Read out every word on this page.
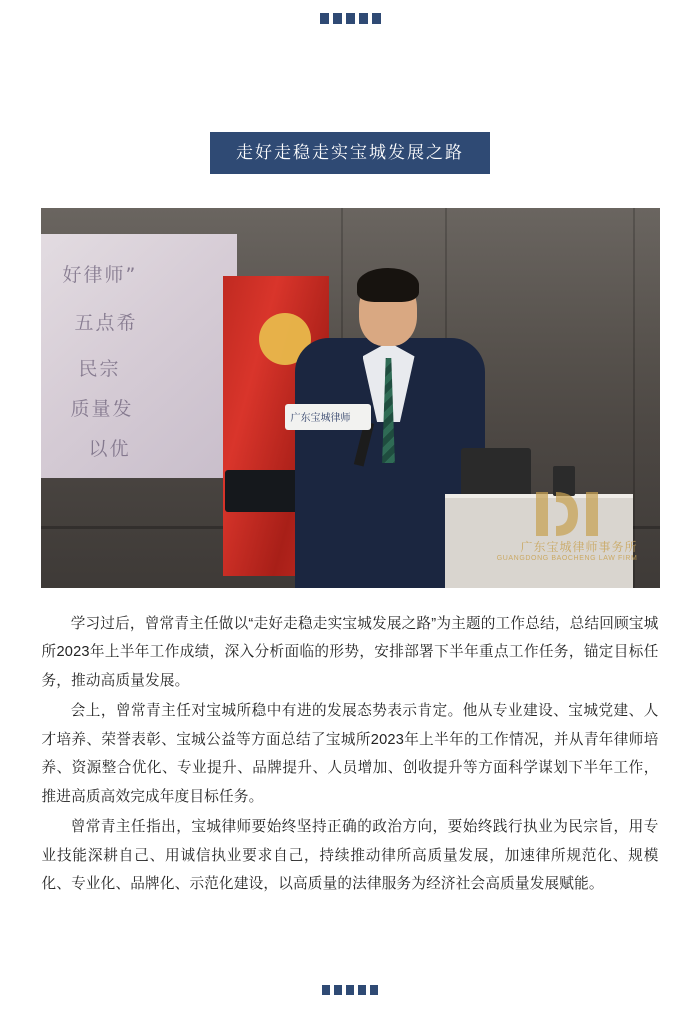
走好走稳走实宝城发展之路
好律师”
五点希
民宗
质量发
以优
广东宝城律师
广东宝城律师事务所
GUANGDONG BAOCHENG LAW FIRM

学习过后，曾常青主任做以“走好走稳走实宝城发展之路”为主题的工作总结，总结回顾宝城所2023年上半年工作成绩，深入分析面临的形势，安排部署下半年重点工作任务，锚定目标任务，推动高质量发展。

会上，曾常青主任对宝城所稳中有进的发展态势表示肯定。他从专业建设、宝城党建、人才培养、荣誉表彰、宝城公益等方面总结了宝城所2023年上半年的工作情况，并从青年律师培养、资源整合优化、专业提升、品牌提升、人员增加、创收提升等方面科学谋划下半年工作，推进高质高效完成年度目标任务。

曾常青主任指出，宝城律师要始终坚持正确的政治方向，要始终践行执业为民宗旨，用专业技能深耕自己、用诚信执业要求自己，持续推动律所高质量发展，加速律所规范化、规模化、专业化、品牌化、示范化建设，以高质量的法律服务为经济社会高质量发展赋能。
